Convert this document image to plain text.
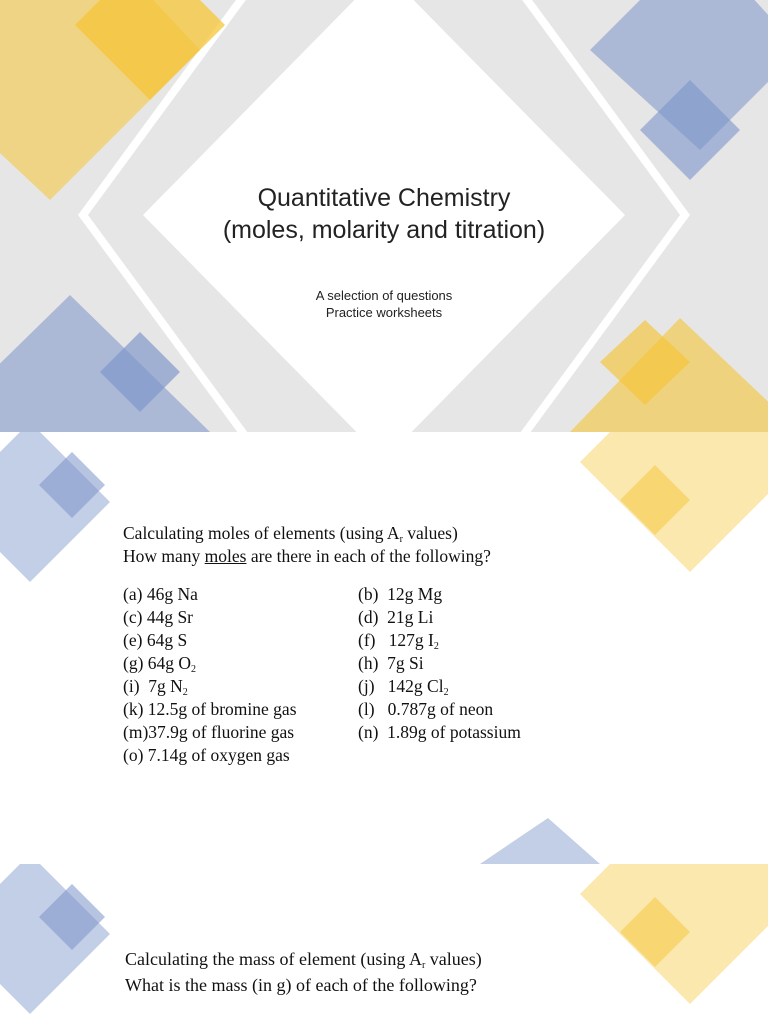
Quantitative Chemistry
(moles, molarity and titration)
A selection of questions
Practice worksheets
Calculating moles of elements (using $A_r$ values)
How many moles are there in each of the following?
(a) 46g Na	(b) 12g Mg
(c) 44g Sr	(d) 21g Li
(e) 64g S	(f) 127g $I_2$
(g) 64g $O_2$	(h) 7g Si
(i) 7g $N_2$	(j) 142g $Cl_2$
(k) 12.5g of bromine gas	(l) 0.787g of neon
(m)37.9g of fluorine gas	(n) 1.89g of potassium
(o) 7.14g of oxygen gas
Calculating the mass of element (using $A_r$ values)
What is the mass (in g) of each of the following?
